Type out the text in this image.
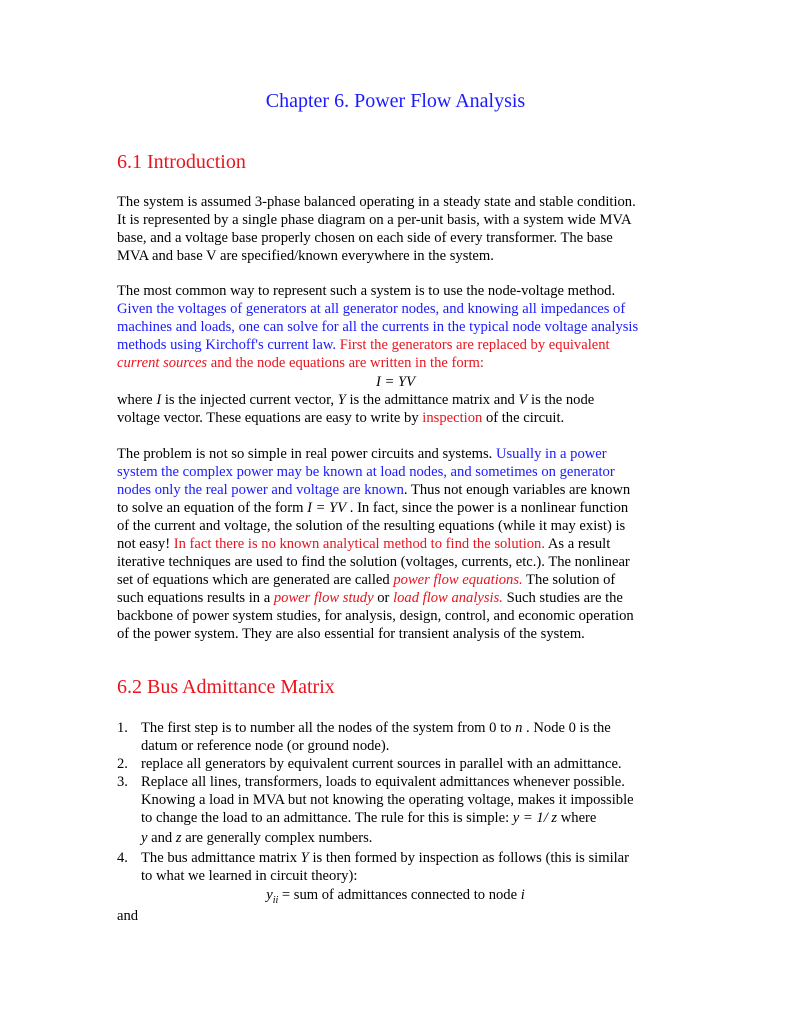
Chapter 6. Power Flow Analysis
6.1 Introduction

The system is assumed 3-phase balanced operating in a steady state and stable condition.

It is represented by a single phase diagram on a per-unit basis, with a system wide MVA

base, and a voltage base properly chosen on each side of every transformer. The base

MVA and base V are specified/known everywhere in the system.

The most common way to represent such a system is to use the node-voltage method.

Given the voltages of generators at all generator nodes, and knowing all impedances of

machines and loads, one can solve for all the currents in the typical node voltage analysis

methods using Kirchoff's current law. First the generators are replaced by equivalent

current sources and the node equations are written in the form:

I = YV

where I is the injected current vector, Y is the admittance matrix and V is the node

voltage vector. These equations are easy to write by inspection of the circuit.

The problem is not so simple in real power circuits and systems. Usually in a power

system the complex power may be known at load nodes, and sometimes on generator

nodes only the real power and voltage are known. Thus not enough variables are known

to solve an equation of the form I = YV . In fact, since the power is a nonlinear function

of the current and voltage, the solution of the resulting equations (while it may exist) is

not easy! In fact there is no known analytical method to find the solution. As a result

iterative techniques are used to find the solution (voltages, currents, etc.). The nonlinear

set of equations which are generated are called power flow equations. The solution of

such equations results in a power flow study or load flow analysis. Such studies are the

backbone of power system studies, for analysis, design, control, and economic operation

of the power system. They are also essential for transient analysis of the system.

6.2 Bus Admittance Matrix

1. The first step is to number all the nodes of the system from 0 to n . Node 0 is the

datum or reference node (or ground node).

2. replace all generators by equivalent current sources in parallel with an admittance.

3. Replace all lines, transformers, loads to equivalent admittances whenever possible.

Knowing a load in MVA but not knowing the operating voltage, makes it impossible

to change the load to an admittance. The rule for this is simple: y = 1/ z where

y and z are generally complex numbers.

4. The bus admittance matrix Y is then formed by inspection as follows (this is similar

to what we learned in circuit theory):

$y_{ii}$ = sum of admittances connected to node i

and
